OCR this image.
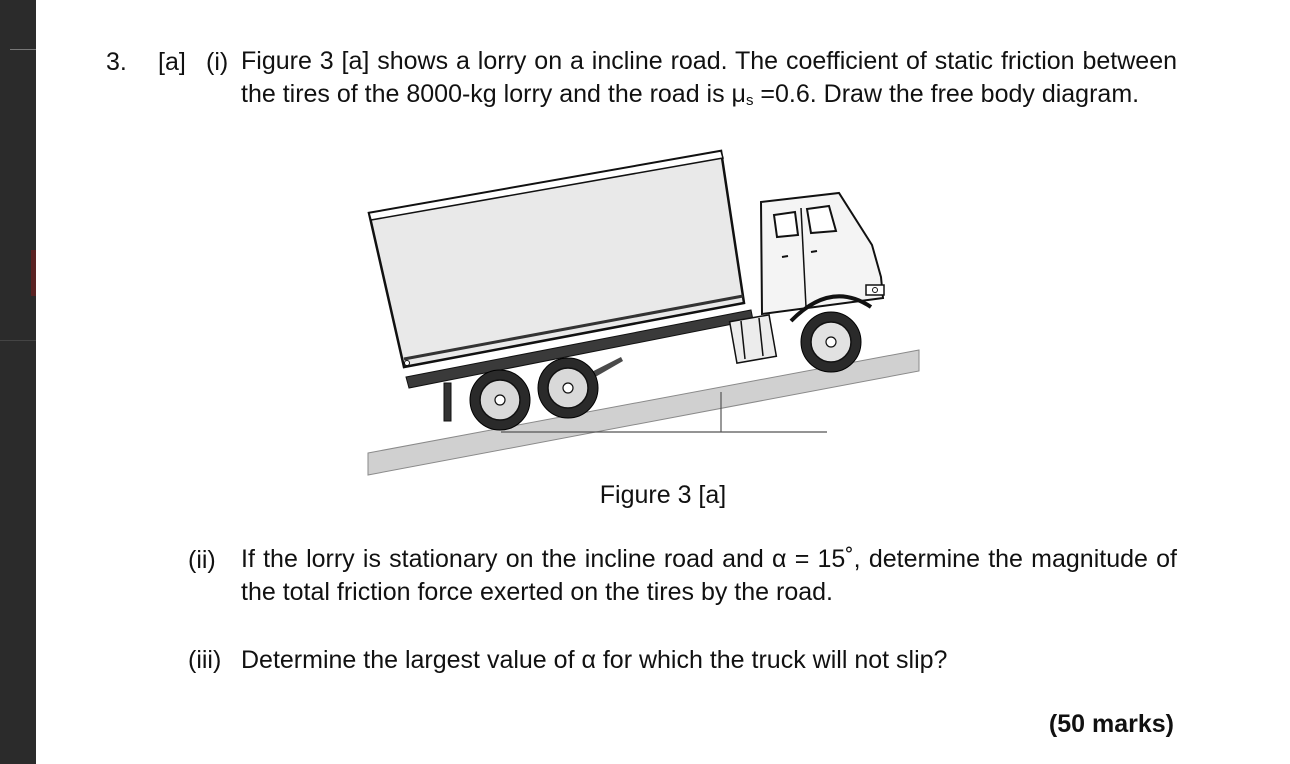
3. [a] (i) Figure 3 [a] shows a lorry on a incline road. The coefficient of static friction between the tires of the 8000-kg lorry and the road is $\mu_s =0.6$. Draw the free body diagram.
Figure 3 [a]
(ii) If the lorry is stationary on the incline road and α = 15˚, determine the magnitude of the total friction force exerted on the tires by the road.
(iii) Determine the largest value of α for which the truck will not slip?
(50 marks)
